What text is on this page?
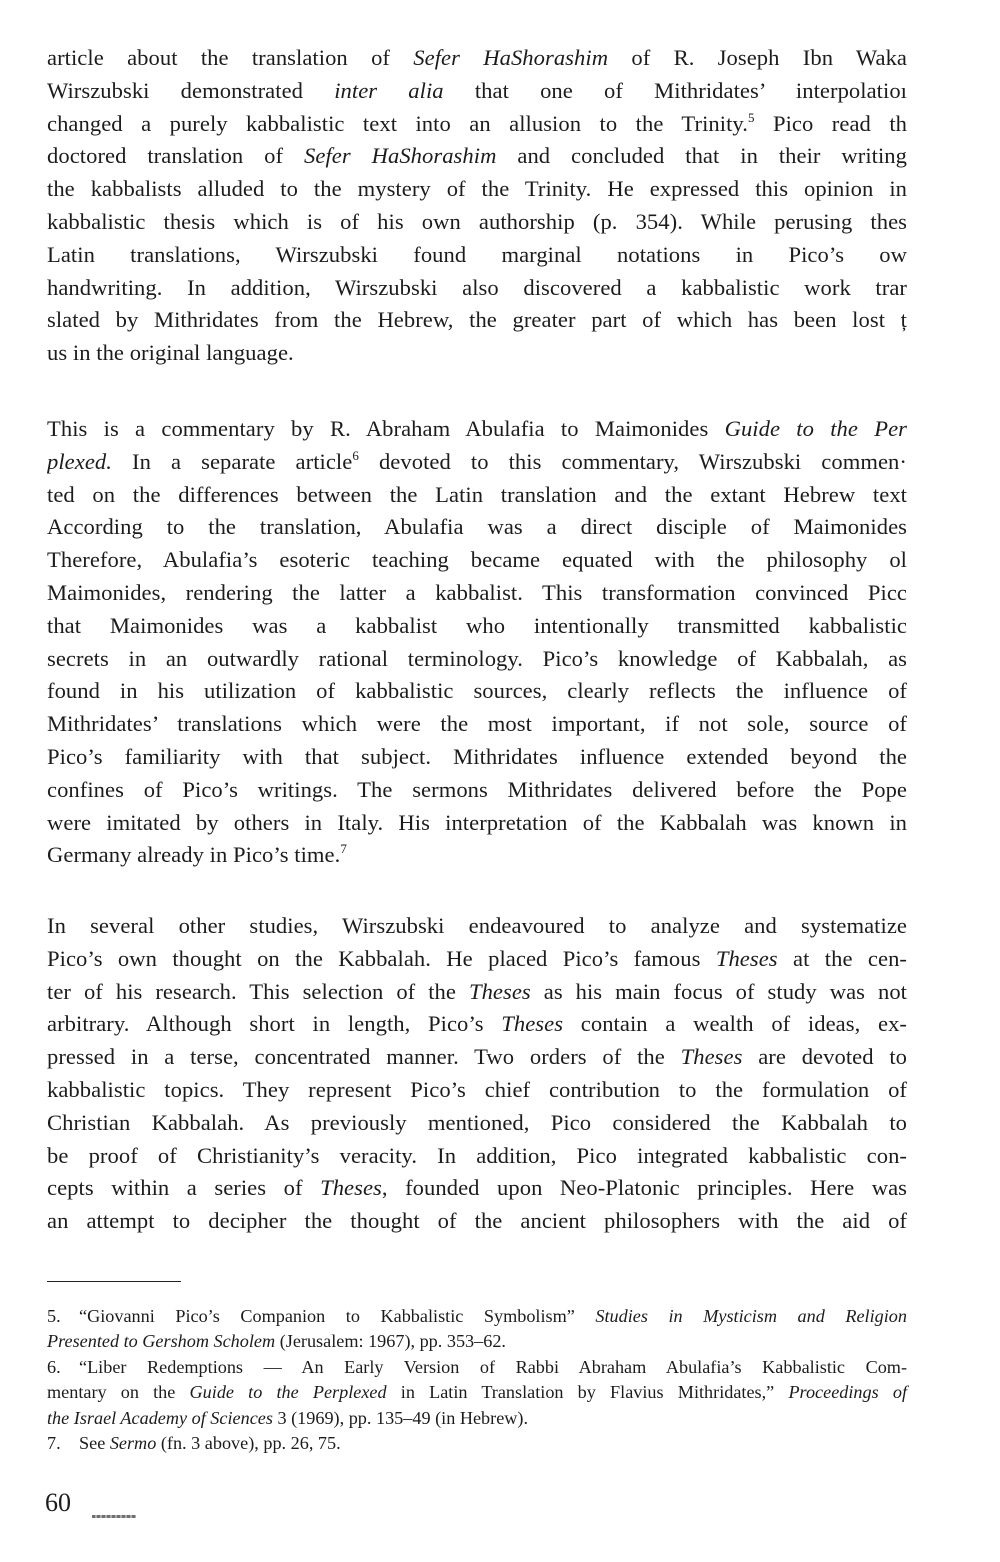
article about the translation of Sefer HaShorashim of R. Joseph Ibn Waka
Wirszubski demonstrated inter alia that one of Mithridates’ interpolatioı
changed a purely kabbalistic text into an allusion to the Trinity.$^5$ Pico read th
doctored translation of Sefer HaShorashim and concluded that in their writing
the kabbalists alluded to the mystery of the Trinity. He expressed this opinion in
kabbalistic thesis which is of his own authorship (p. 354). While perusing thes
Latin translations, Wirszubski found marginal notations in Pico’s ow
handwriting. In addition, Wirszubski also discovered a kabbalistic work trar
slated by Mithridates from the Hebrew, the greater part of which has been lost ț
us in the original language.
This is a commentary by R. Abraham Abulafia to Maimonides Guide to the Per
plexed. In a separate article$^6$ devoted to this commentary, Wirszubski commen·
ted on the differences between the Latin translation and the extant Hebrew text
According to the translation, Abulafia was a direct disciple of Maimonides
Therefore, Abulafia’s esoteric teaching became equated with the philosophy ol
Maimonides, rendering the latter a kabbalist. This transformation convinced Picc
that Maimonides was a kabbalist who intentionally transmitted kabbalistic
secrets in an outwardly rational terminology. Pico’s knowledge of Kabbalah, as
found in his utilization of kabbalistic sources, clearly reflects the influence of
Mithridates’ translations which were the most important, if not sole, source of
Pico’s familiarity with that subject. Mithridates influence extended beyond the
confines of Pico’s writings. The sermons Mithridates delivered before the Pope
were imitated by others in Italy. His interpretation of the Kabbalah was known in
Germany already in Pico’s time.$^7$
In several other studies, Wirszubski endeavoured to analyze and systematize
Pico’s own thought on the Kabbalah. He placed Pico’s famous Theses at the cen-
ter of his research. This selection of the Theses as his main focus of study was not
arbitrary. Although short in length, Pico’s Theses contain a wealth of ideas, ex-
pressed in a terse, concentrated manner. Two orders of the Theses are devoted to
kabbalistic topics. They represent Pico’s chief contribution to the formulation of
Christian Kabbalah. As previously mentioned, Pico considered the Kabbalah to
be proof of Christianity’s veracity. In addition, Pico integrated kabbalistic con-
cepts within a series of Theses, founded upon Neo-Platonic principles. Here was
an attempt to decipher the thought of the ancient philosophers with the aid of
5. “Giovanni Pico’s Companion to Kabbalistic Symbolism” Studies in Mysticism and Religion
Presented to Gershom Scholem (Jerusalem: 1967), pp. 353–62.
6. “Liber Redemptions — An Early Version of Rabbi Abraham Abulafia’s Kabbalistic Com-
mentary on the Guide to the Perplexed in Latin Translation by Flavius Mithridates,” Proceedings of
the Israel Academy of Sciences 3 (1969), pp. 135–49 (in Hebrew).
7. See Sermo (fn. 3 above), pp. 26, 75.
60
